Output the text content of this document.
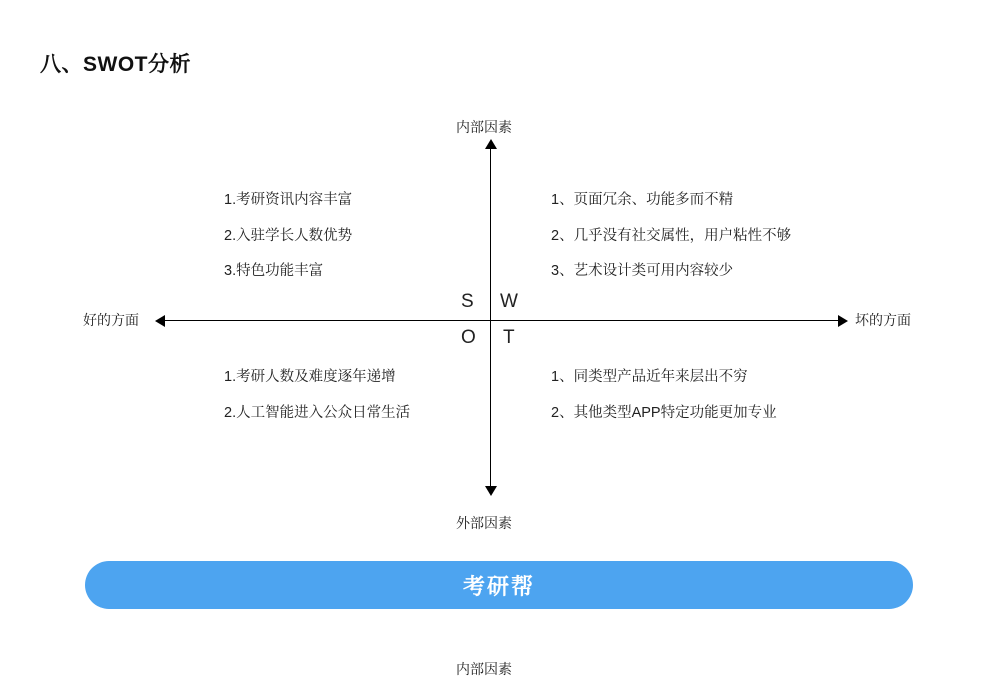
八、SWOT分析
内部因素
外部因素
好的方面	坏的方面
S W
O T
1.考研资讯内容丰富
2.入驻学长人数优势
3.特色功能丰富
1、页面冗余、功能多而不精
2、几乎没有社交属性，用户粘性不够
3、艺术设计类可用内容较少
1.考研人数及难度逐年递增
2.人工智能进入公众日常生活
1、同类型产品近年来层出不穷
2、其他类型APP特定功能更加专业
考研帮
内部因素
